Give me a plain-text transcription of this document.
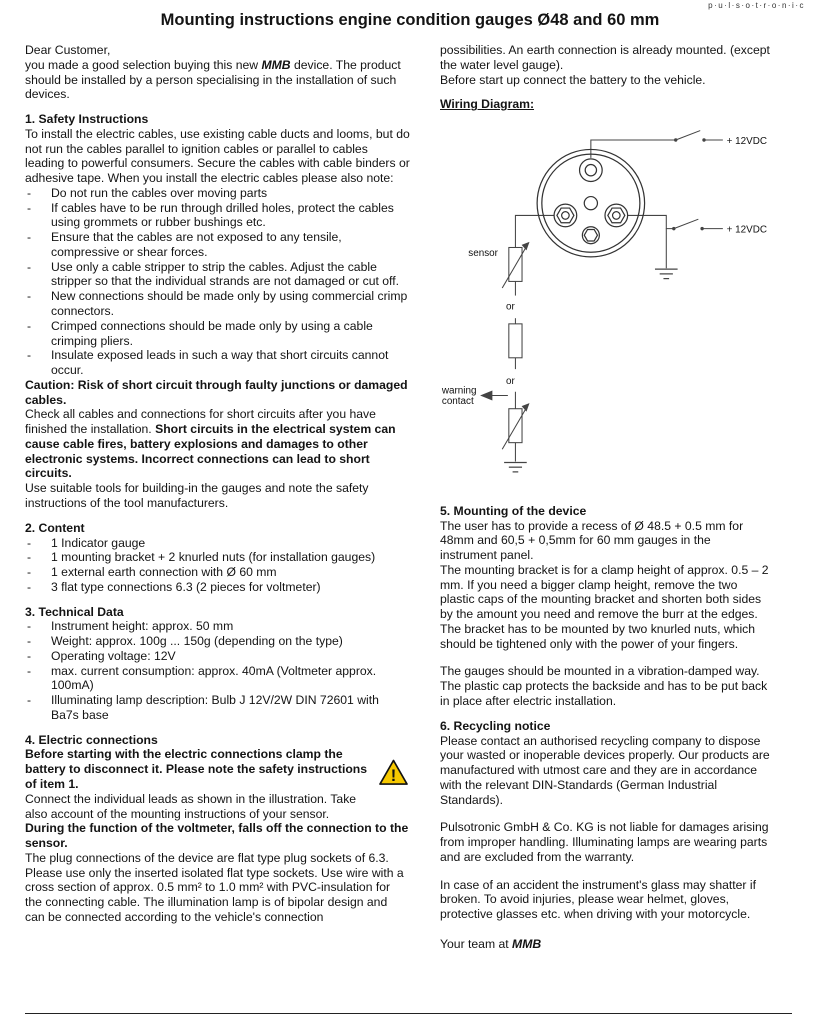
p·u·l·s·o·t·r·o·n·i·c
Mounting instructions engine condition gauges Ø48 and 60 mm

Dear Customer,

you made a good selection buying this new MMB device. The product should be installed by a person specialising in the installation of such devices.

1. Safety Instructions

To install the electric cables, use existing cable ducts and looms, but do not run the cables parallel to ignition cables or parallel to cables leading to powerful consumers. Secure the cables with cable binders or adhesive tape. When you install the electric cables please also note:

-	Do not run the cables over moving parts
-	If cables have to be run through drilled holes, protect the cables using grommets or rubber bushings etc.
-	Ensure that the cables are not exposed to any tensile, compressive or shear forces.
-	Use only a cable stripper to strip the cables. Adjust the cable stripper so that the individual strands are not damaged or cut off.
-	New connections should be made only by using commercial crimp connectors.
-	Crimped connections should be made only by using a cable crimping pliers.
-	Insulate exposed leads in such a way that short circuits cannot occur.

Caution: Risk of short circuit through faulty junctions or damaged cables.

Check all cables and connections for short circuits after you have finished the installation. Short circuits in the electrical system can cause cable fires, battery explosions and damages to other electronic systems. Incorrect connections can lead to short circuits.

Use suitable tools for building-in the gauges and note the safety instructions of the tool manufacturers.

2. Content
-	1 Indicator gauge
-	1 mounting bracket + 2 knurled nuts (for installation gauges)
-	1 external earth connection with Ø 60 mm
-	3 flat type connections 6.3 (2 pieces for voltmeter)
3. Technical Data
-	Instrument height: approx. 50 mm
-	Weight: approx. 100g ... 150g (depending on the type)
-	Operating voltage: 12V
-	max. current consumption: approx. 40mA (Voltmeter approx. 100mA)
-	Illuminating lamp description: Bulb J 12V/2W DIN 72601 with Ba7s base
4. Electric connections
!

Before starting with the electric connections clamp the battery to disconnect it. Please note the safety instructions of item 1.

Connect the individual leads as shown in the illustration. Take also account of the mounting instructions of your sensor.

During the function of the voltmeter, falls off the connection to the sensor.

The plug connections of the device are flat type plug sockets of 6.3. Please use only the inserted isolated flat type sockets. Use wire with a cross section of approx. 0.5 mm² to 1.0 mm² with PVC-insulation for the connecting cable. The illumination lamp is of bipolar design and can be connected according to the vehicle's connection

possibilities. An earth connection is already mounted. (except the water level gauge).

Before start up connect the battery to the vehicle.

Wiring Diagram:
+ 12VDC
+ 12VDC
sensor
or
or
warning
contact
5. Mounting of the device

The user has to provide a recess of Ø 48.5 + 0.5 mm for 48mm and 60,5 + 0,5mm for 60 mm gauges in the instrument panel.

The mounting bracket is for a clamp height of approx. 0.5 – 2 mm. If you need a bigger clamp height, remove the two plastic caps of the mounting bracket and shorten both sides by the amount you need and remove the burr at the edges. The bracket has to be mounted by two knurled nuts, which should be tightened only with the power of your fingers.

The gauges should be mounted in a vibration-damped way. The plastic cap protects the backside and has to be put back in place after electric installation.

6. Recycling notice

Please contact an authorised recycling company to dispose your wasted or inoperable devices properly. Our products are manufactured with utmost care and they are in accordance with the relevant DIN-Standards (German Industrial Standards).

Pulsotronic GmbH & Co. KG is not liable for damages arising from improper handling. Illuminating lamps are wearing parts and are excluded from the warranty.

In case of an accident the instrument's glass may shatter if broken. To avoid injuries, please wear helmet, gloves, protective glasses etc. when driving with your motorcycle.

Your team at MMB
